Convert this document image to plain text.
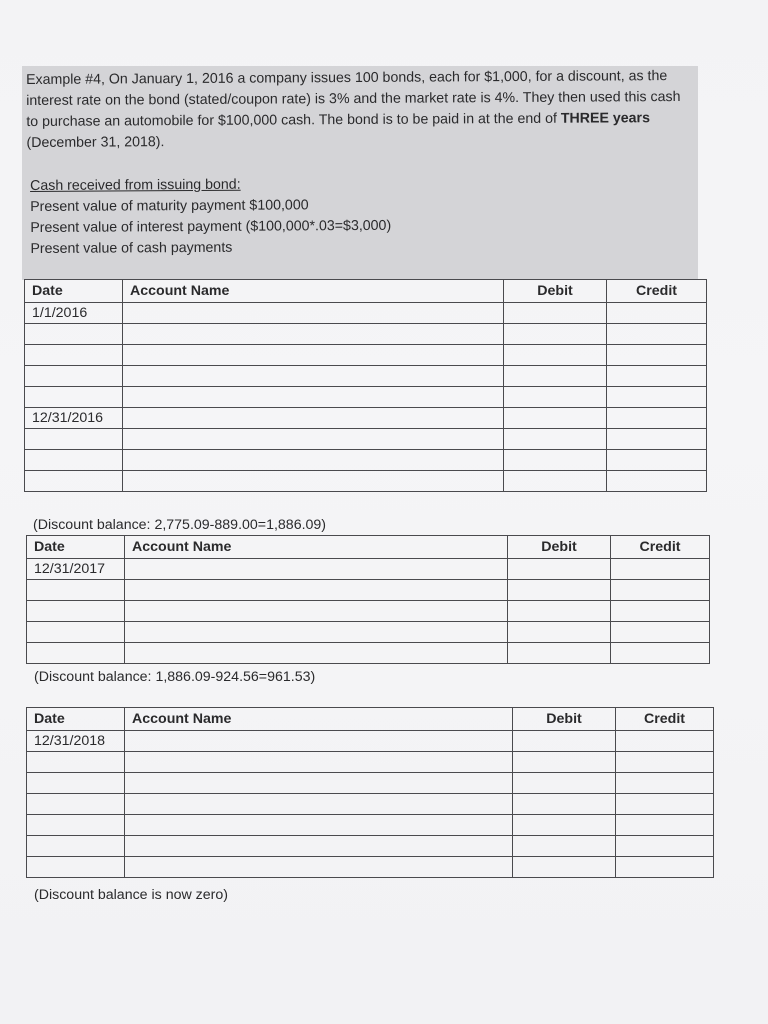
Example #4, On January 1, 2016 a company issues 100 bonds, each for $1,000, for a discount, as the interest rate on the bond (stated/coupon rate) is 3% and the market rate is 4%. They then used this cash to purchase an automobile for $100,000 cash. The bond is to be paid in at the end of THREE years (December 31, 2018).

Cash received from issuing bond:
Present value of maturity payment $100,000
Present value of interest payment ($100,000*.03=$3,000)
Present value of cash payments
Date	Account Name	Debit	Credit
1/1/2016			

12/31/2016			

(Discount balance: 2,775.09-889.00=1,886.09)
Date	Account Name	Debit	Credit
12/31/2017			

(Discount balance: 1,886.09-924.56=961.53)
Date	Account Name	Debit	Credit
12/31/2018			

(Discount balance is now zero)
